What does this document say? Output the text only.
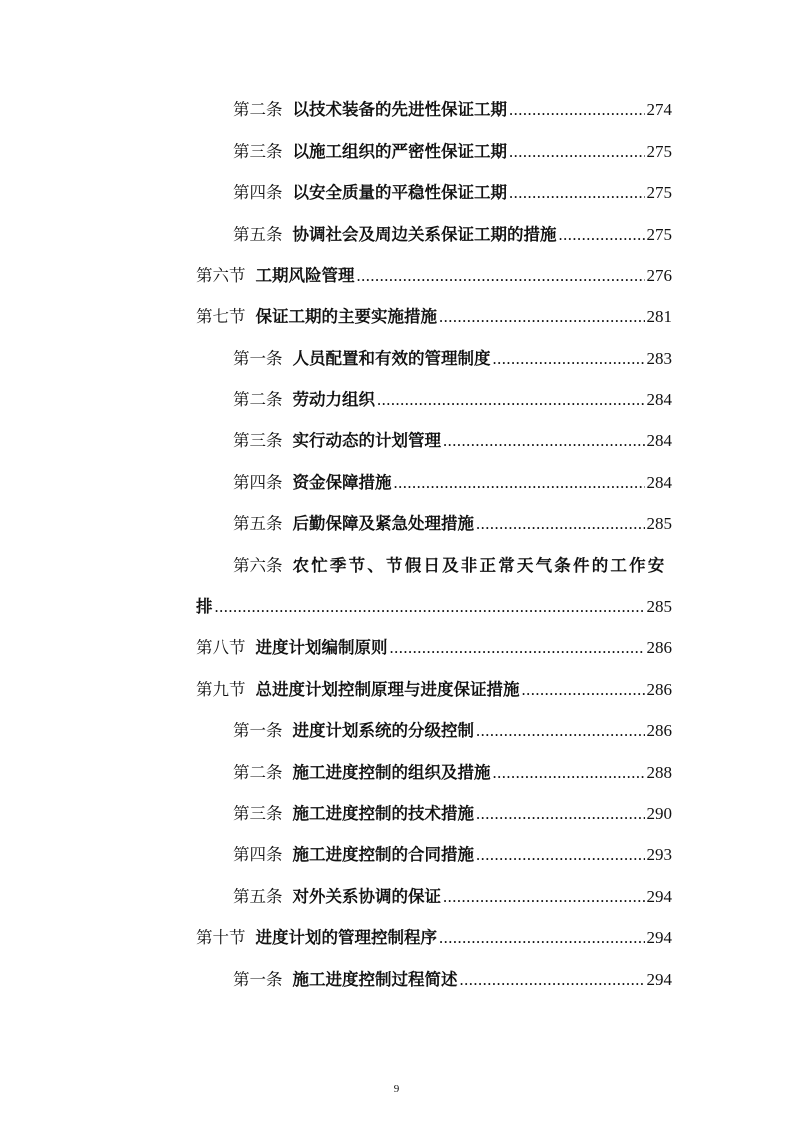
第二条 以技术装备的先进性保证工期 .....	274
第三条 以施工组织的严密性保证工期 .....	275
第四条 以安全质量的平稳性保证工期 .....	275
第五条 协调社会及周边关系保证工期的措施 .....	275
第六节 工期风险管理 .....	276
第七节 保证工期的主要实施措施 .....	281
第一条 人员配置和有效的管理制度 .....	283
第二条 劳动力组织 .....	284
第三条 实行动态的计划管理 .....	284
第四条 资金保障措施 .....	284
第五条 后勤保障及紧急处理措施 .....	285
第六条 农忙季节、节假日及非正常天气条件的工作安
排 .....	285
第八节 进度计划编制原则 .....	286
第九节 总进度计划控制原理与进度保证措施 .....	286
第一条 进度计划系统的分级控制 .....	286
第二条 施工进度控制的组织及措施 .....	288
第三条 施工进度控制的技术措施 .....	290
第四条 施工进度控制的合同措施 .....	293
第五条 对外关系协调的保证 .....	294
第十节 进度计划的管理控制程序 .....	294
第一条 施工进度控制过程简述 .....	294
9
